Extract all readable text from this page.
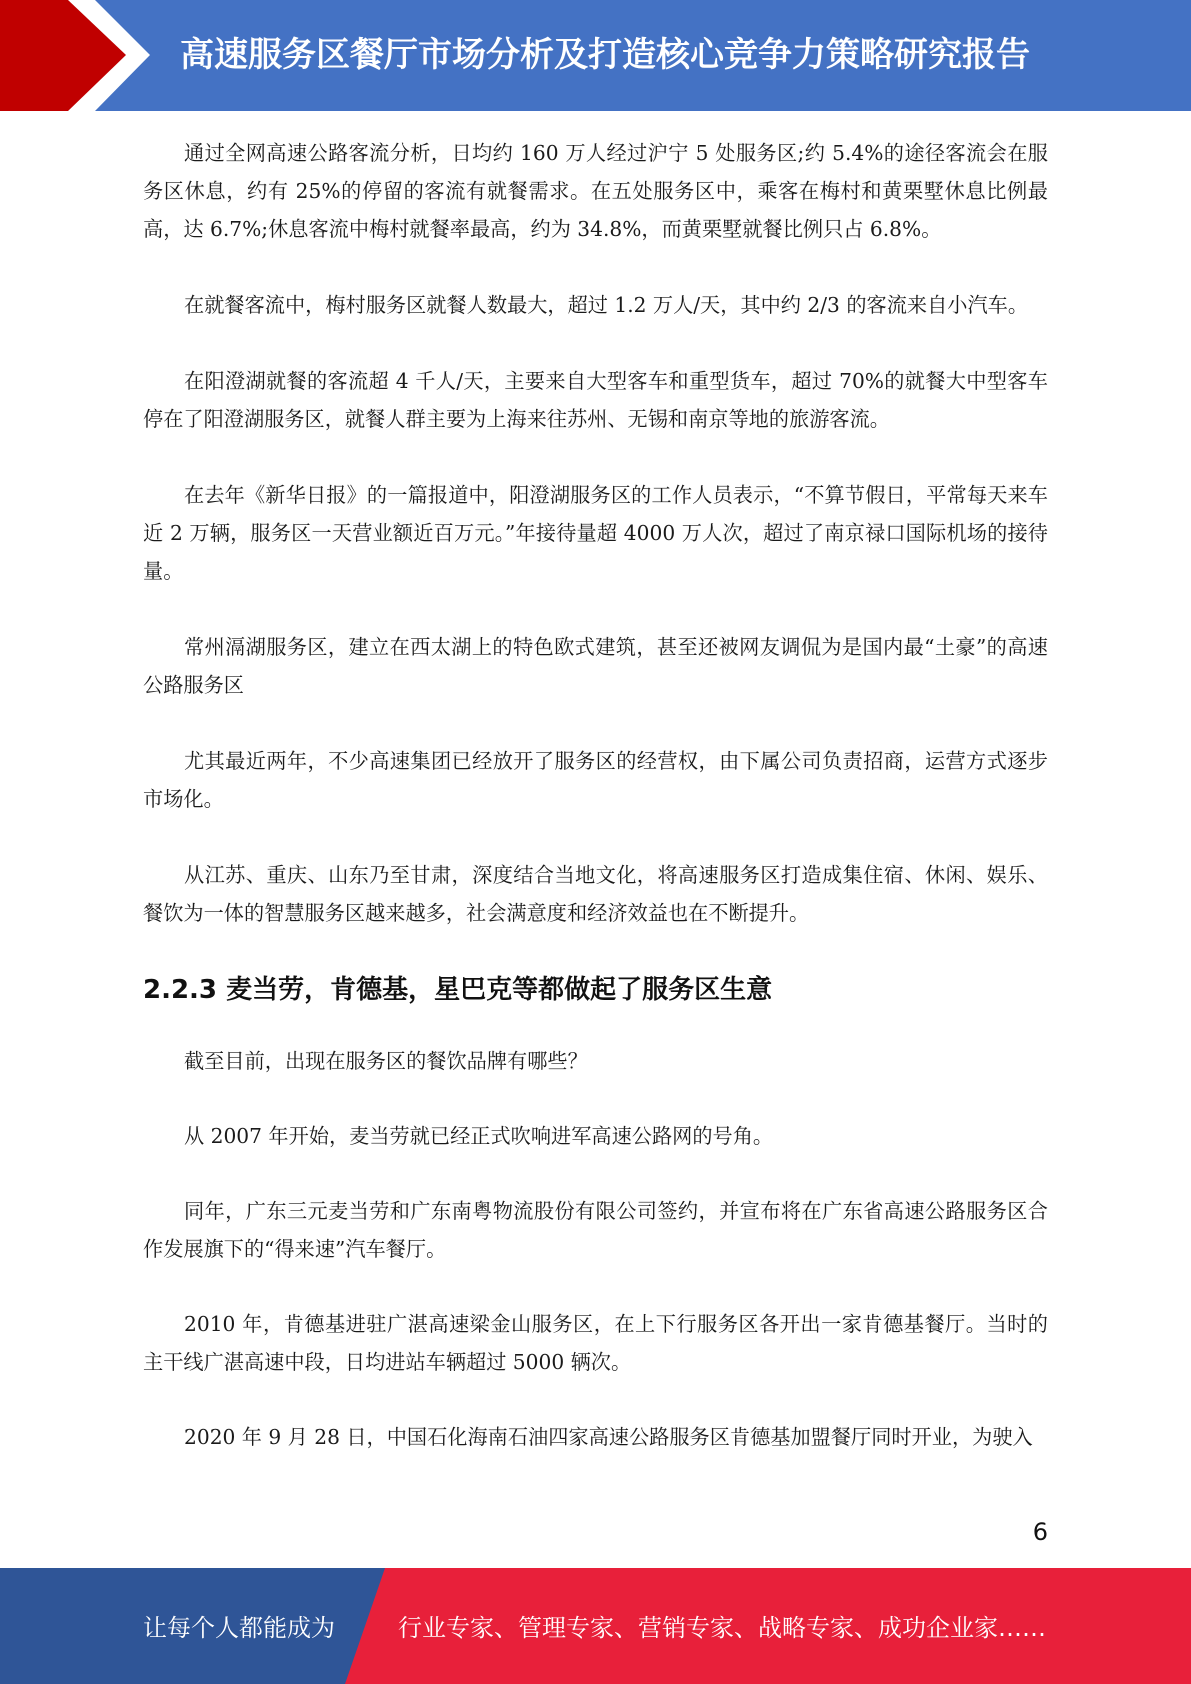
高速服务区餐厅市场分析及打造核心竞争力策略研究报告

通过全网高速公路客流分析，日均约 160 万人经过沪宁 5 处服务区;约 5.4%的途径客流会在服务区休息，约有 25%的停留的客流有就餐需求。在五处服务区中，乘客在梅村和黄栗墅休息比例最高，达 6.7%;休息客流中梅村就餐率最高，约为 34.8%，而黄栗墅就餐比例只占 6.8%。

在就餐客流中，梅村服务区就餐人数最大，超过 1.2 万人/天，其中约 2/3 的客流来自小汽车。

在阳澄湖就餐的客流超 4 千人/天，主要来自大型客车和重型货车，超过 70%的就餐大中型客车停在了阳澄湖服务区，就餐人群主要为上海来往苏州、无锡和南京等地的旅游客流。

在去年《新华日报》的一篇报道中，阳澄湖服务区的工作人员表示，“不算节假日，平常每天来车近 2 万辆，服务区一天营业额近百万元。”年接待量超 4000 万人次，超过了南京禄口国际机场的接待量。

常州滆湖服务区，建立在西太湖上的特色欧式建筑，甚至还被网友调侃为是国内最“土豪”的高速公路服务区

尤其最近两年，不少高速集团已经放开了服务区的经营权，由下属公司负责招商，运营方式逐步市场化。

从江苏、重庆、山东乃至甘肃，深度结合当地文化，将高速服务区打造成集住宿、休闲、娱乐、餐饮为一体的智慧服务区越来越多，社会满意度和经济效益也在不断提升。

2.2.3 麦当劳，肯德基，星巴克等都做起了服务区生意

截至目前，出现在服务区的餐饮品牌有哪些？

从 2007 年开始，麦当劳就已经正式吹响进军高速公路网的号角。

同年，广东三元麦当劳和广东南粤物流股份有限公司签约，并宣布将在广东省高速公路服务区合作发展旗下的“得来速”汽车餐厅。

2010 年，肯德基进驻广湛高速梁金山服务区，在上下行服务区各开出一家肯德基餐厅。当时的主干线广湛高速中段，日均进站车辆超过 5000 辆次。

2020 年 9 月 28 日，中国石化海南石油四家高速公路服务区肯德基加盟餐厅同时开业，为驶入

6
让每个人都能成为	行业专家、管理专家、营销专家、战略专家、成功企业家……
